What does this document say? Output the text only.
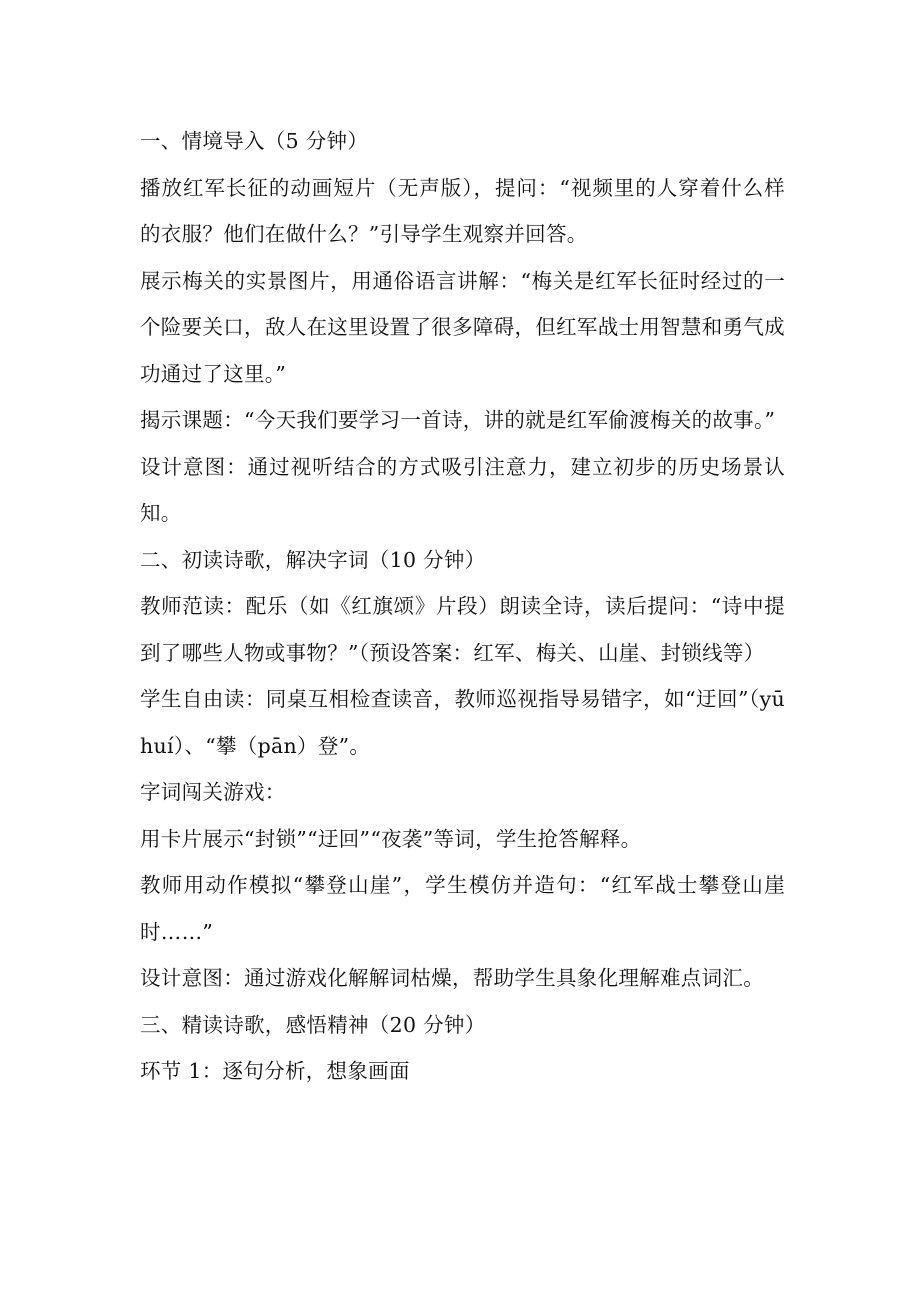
一、情境导入（5 分钟）

播放红军长征的动画短片（无声版），提问：“视频里的人穿着什么样的衣服？他们在做什么？”引导学生观察并回答。

展示梅关的实景图片，用通俗语言讲解：“梅关是红军长征时经过的一个险要关口，敌人在这里设置了很多障碍，但红军战士用智慧和勇气成功通过了这里。”

揭示课题：“今天我们要学习一首诗，讲的就是红军偷渡梅关的故事。”

设计意图：通过视听结合的方式吸引注意力，建立初步的历史场景认知。

二、初读诗歌，解决字词（10 分钟）

教师范读：配乐（如《红旗颂》片段）朗读全诗，读后提问：“诗中提到了哪些人物或事物？”（预设答案：红军、梅关、山崖、封锁线等）

学生自由读：同桌互相检查读音，教师巡视指导易错字，如“迂回”（yū huí）、“攀（pān）登”。

字词闯关游戏：

用卡片展示“封锁”“迂回”“夜袭”等词，学生抢答解释。

教师用动作模拟“攀登山崖”，学生模仿并造句：“红军战士攀登山崖时……”

设计意图：通过游戏化解解词枯燥，帮助学生具象化理解难点词汇。

三、精读诗歌，感悟精神（20 分钟）

环节 1：逐句分析，想象画面
